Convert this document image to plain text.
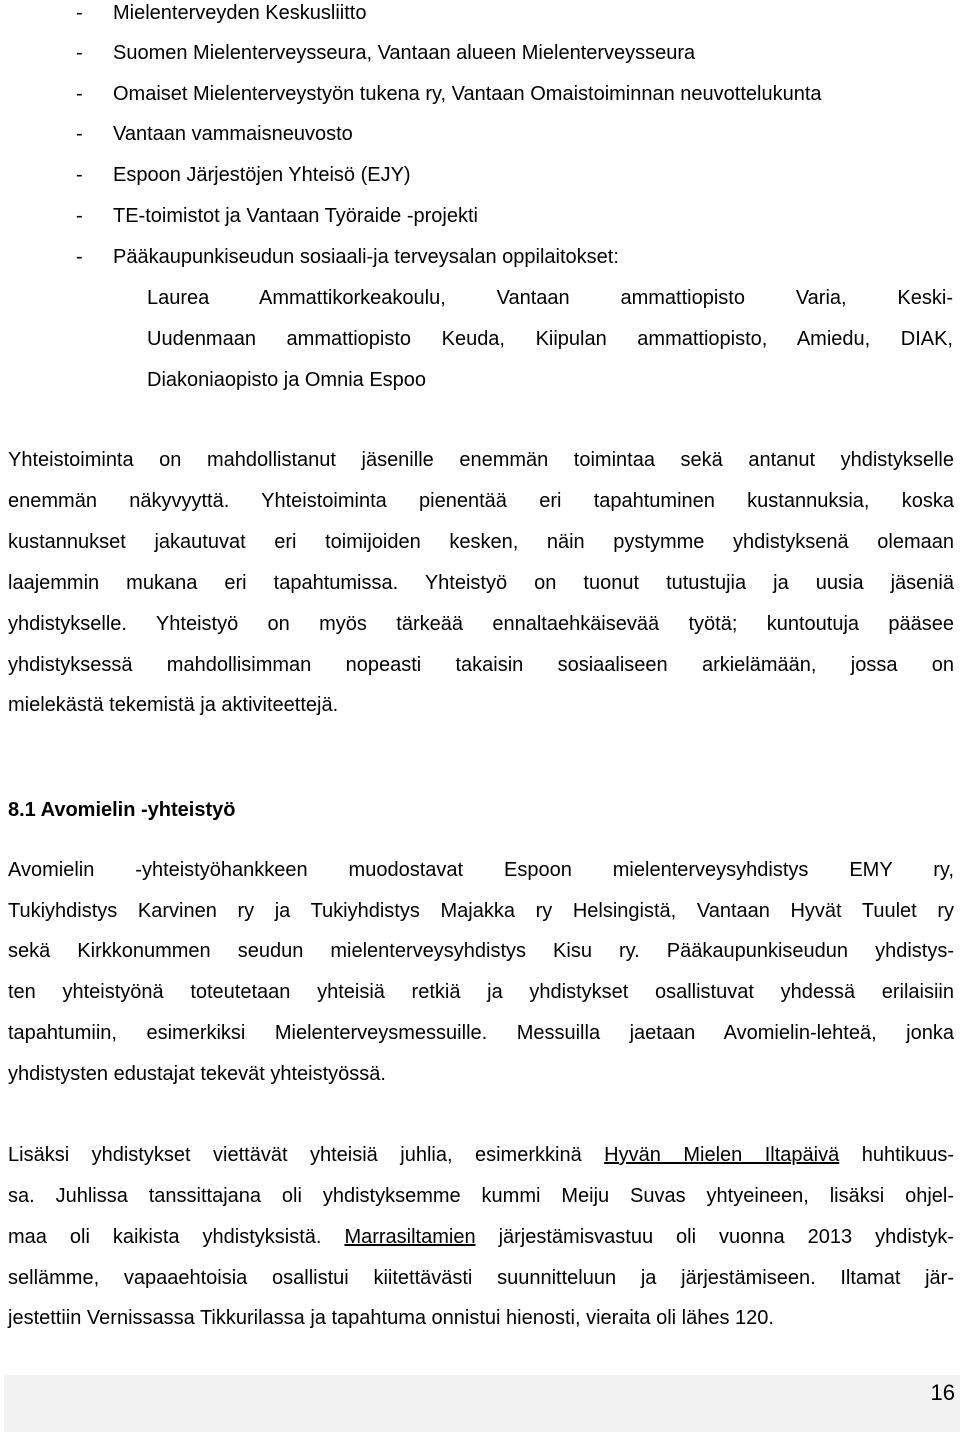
- Mielenterveyden Keskusliitto
- Suomen Mielenterveysseura, Vantaan alueen Mielenterveysseura
- Omaiset Mielenterveystyön tukena ry, Vantaan Omaistoiminnan neuvottelukunta
- Vantaan vammaisneuvosto
- Espoon Järjestöjen Yhteisö (EJY)
- TE-toimistot ja Vantaan Työraide -projekti
- Pääkaupunkiseudun sosiaali-ja terveysalan oppilaitokset:
Laurea Ammattikorkeakoulu, Vantaan ammattiopisto Varia, Keski-
Uudenmaan ammattiopisto Keuda, Kiipulan ammattiopisto, Amiedu, DIAK,
Diakoniaopisto ja Omnia Espoo
Yhteistoiminta on mahdollistanut jäsenille enemmän toimintaa sekä antanut yhdistykselle
enemmän näkyvyyttä. Yhteistoiminta pienentää eri tapahtuminen kustannuksia, koska
kustannukset jakautuvat eri toimijoiden kesken, näin pystymme yhdistyksenä olemaan
laajemmin mukana eri tapahtumissa. Yhteistyö on tuonut tutustujia ja uusia jäseniä
yhdistykselle. Yhteistyö on myös tärkeää ennaltaehkäisevää työtä; kuntoutuja pääsee
yhdistyksessä mahdollisimman nopeasti takaisin sosiaaliseen arkielämään, jossa on
mielekästä tekemistä ja aktiviteettejä.
8.1 Avomielin -yhteistyö
Avomielin -yhteistyöhankkeen muodostavat Espoon mielenterveysyhdistys EMY ry,
Tukiyhdistys Karvinen ry ja Tukiyhdistys Majakka ry Helsingistä, Vantaan Hyvät Tuulet ry
sekä Kirkkonummen seudun mielenterveysyhdistys Kisu ry. Pääkaupunkiseudun yhdistys-
ten yhteistyönä toteutetaan yhteisiä retkiä ja yhdistykset osallistuvat yhdessä erilaisiin
tapahtumiin, esimerkiksi Mielenterveysmessuille. Messuilla jaetaan Avomielin-lehteä, jonka
yhdistysten edustajat tekevät yhteistyössä.
Lisäksi yhdistykset viettävät yhteisiä juhlia, esimerkkinä Hyvän Mielen Iltapäivä huhtikuus-
sa. Juhlissa tanssittajana oli yhdistyksemme kummi Meiju Suvas yhtyeineen, lisäksi ohjel-
maa oli kaikista yhdistyksistä. Marrasiltamien järjestämisvastuu oli vuonna 2013 yhdistyk-
sellämme, vapaaehtoisia osallistui kiitettävästi suunnitteluun ja järjestämiseen. Iltamat jär-
jestettiin Vernissassa Tikkurilassa ja tapahtuma onnistui hienosti, vieraita oli lähes 120.
16
